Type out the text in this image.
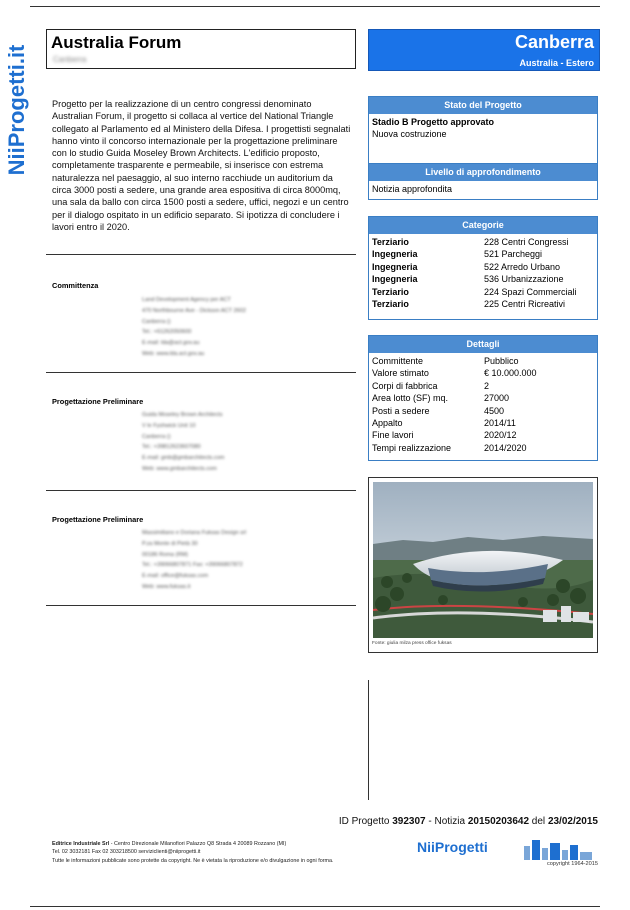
NiiProgetti.it
Australia Forum
Canberra
Canberra
Australia - Estero
Progetto per la realizzazione di un centro congressi denominato Australian Forum, il progetto si collaca al vertice del National Triangle collegato al Parlamento ed al Ministero della Difesa. I progettisti segnalati hanno vinto il concorso internazionale per la progettazione preliminare con lo studio Guida Moseley Brown Architects. L'edificio proposto, completamente trasparente e permeabile, si inserisce con estrema naturalezza nel paesaggio, al suo interno racchiude un auditorium da circa 3000 posti a sedere, una grande area espositiva di circa 8000mq, una sala da ballo con circa 1500 posti a sedere, uffici, negozi e un centro per il dialogo ospitato in un edificio separato. Si ipotizza di concludere i lavori entro il 2020.
Committenza
Land Development Agency per ACT
470 Northbourne Ave - Dickson ACT 2602
Canberra ()
Tel.: +61262050600
E-mail: lda@act.gov.au
Web: www.lda.act.gov.au
Progettazione Preliminare
Guida Moseley Brown Architects
V le Fyshwick Unit 10
Canberra ()
Tel.: +39812623607080
E-mail: gmb@gmbarchitects.com
Web: www.gmbarchitects.com
Progettazione Preliminare
Massimiliano e Doriana Fuksas Design srl
P.za Monte di Pietà 30
00186 Roma (RM)
Tel.: +39066807871 Fax: +39066807872
E-mail: office@fuksas.com
Web: www.fuksas.it
Stato del Progetto
Stadio B Progetto approvato
Nuova costruzione
Livello di approfondimento
Notizia approfondita
Categorie
Terziario	228 Centri Congressi
Ingegneria	521 Parcheggi
Ingegneria	522 Arredo Urbano
Ingegneria	536 Urbanizzazione
Terziario	224 Spazi Commerciali
Terziario	225 Centri Ricreativi
Dettagli
Committente	Pubblico
Valore stimato	€ 10.000.000
Corpi di fabbrica	2
Area lotto (SF) mq.	27000
Posti a sedere	4500
Appalto	2014/11
Fine lavori	2020/12
Tempi realizzazione	2014/2020
Fonte: giulia milza press office fuksas
ID Progetto 392307 - Notizia 20150203642 del 23/02/2015
Editrice Industriale Srl - Centro Direzionale Milanofiori Palazzo Q8 Strada 4 20089 Rozzano (MI)
Tel. 02 3032181 Fax 02 303218500 serviziclienti@niiprogetti.it
Tutte le informazioni pubblicate sono protette da copyright. Ne è vietata la riproduzione e/o divulgazione in ogni forma.
NiiProgetti
copyright 1964-2015
